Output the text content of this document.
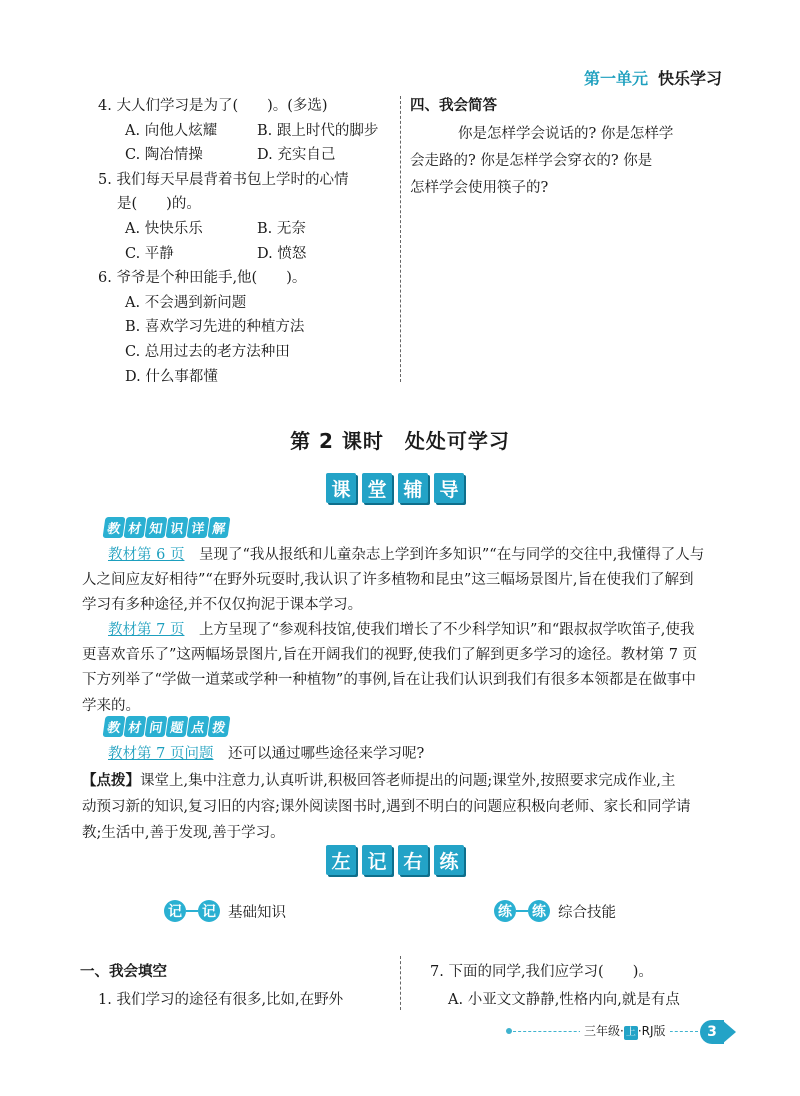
第一单元 快乐学习

4. 大人们学习是为了(　　)。(多选)

A. 向他人炫耀	B. 跟上时代的脚步
C. 陶冶情操	D. 充实自己

5. 我们每天早晨背着书包上学时的心情

是(　　)的。

A. 快快乐乐	B. 无奈
C. 平静	D. 愤怒

6. 爷爷是个种田能手,他(　　)。

A. 不会遇到新问题

B. 喜欢学习先进的种植方法

C. 总用过去的老方法种田

D. 什么事都懂

四、我会简答

你是怎样学会说话的? 你是怎样学

会走路的? 你是怎样学会穿衣的? 你是

怎样学会使用筷子的?

第 2 课时　处处可学习
课 堂 辅 导
教 材 知 识 详 解

教材第 6 页　呈现了“我从报纸和儿童杂志上学到许多知识”“在与同学的交往中,我懂得了人与

人之间应友好相待”“在野外玩耍时,我认识了许多植物和昆虫”这三幅场景图片,旨在使我们了解到

学习有多种途径,并不仅仅拘泥于课本学习。

教材第 7 页　上方呈现了“参观科技馆,使我们增长了不少科学知识”和“跟叔叔学吹笛子,使我

更喜欢音乐了”这两幅场景图片,旨在开阔我们的视野,使我们了解到更多学习的途径。教材第 7 页

下方列举了“学做一道菜或学种一种植物”的事例,旨在让我们认识到我们有很多本领都是在做事中

学来的。

教 材 问 题 点 拨

教材第 7 页问题　还可以通过哪些途径来学习呢?

【点拨】课堂上,集中注意力,认真听讲,积极回答老师提出的问题;课堂外,按照要求完成作业,主

动预习新的知识,复习旧的内容;课外阅读图书时,遇到不明白的问题应积极向老师、家长和同学请

教;生活中,善于发现,善于学习。

左 记 右 练
记 记 基础知识	练 练 综合技能

一、我会填空

1. 我们学习的途径有很多,比如,在野外

7. 下面的同学,我们应学习(　　)。

A. 小亚文文静静,性格内向,就是有点

三年级· 上 ·RJ版	3
